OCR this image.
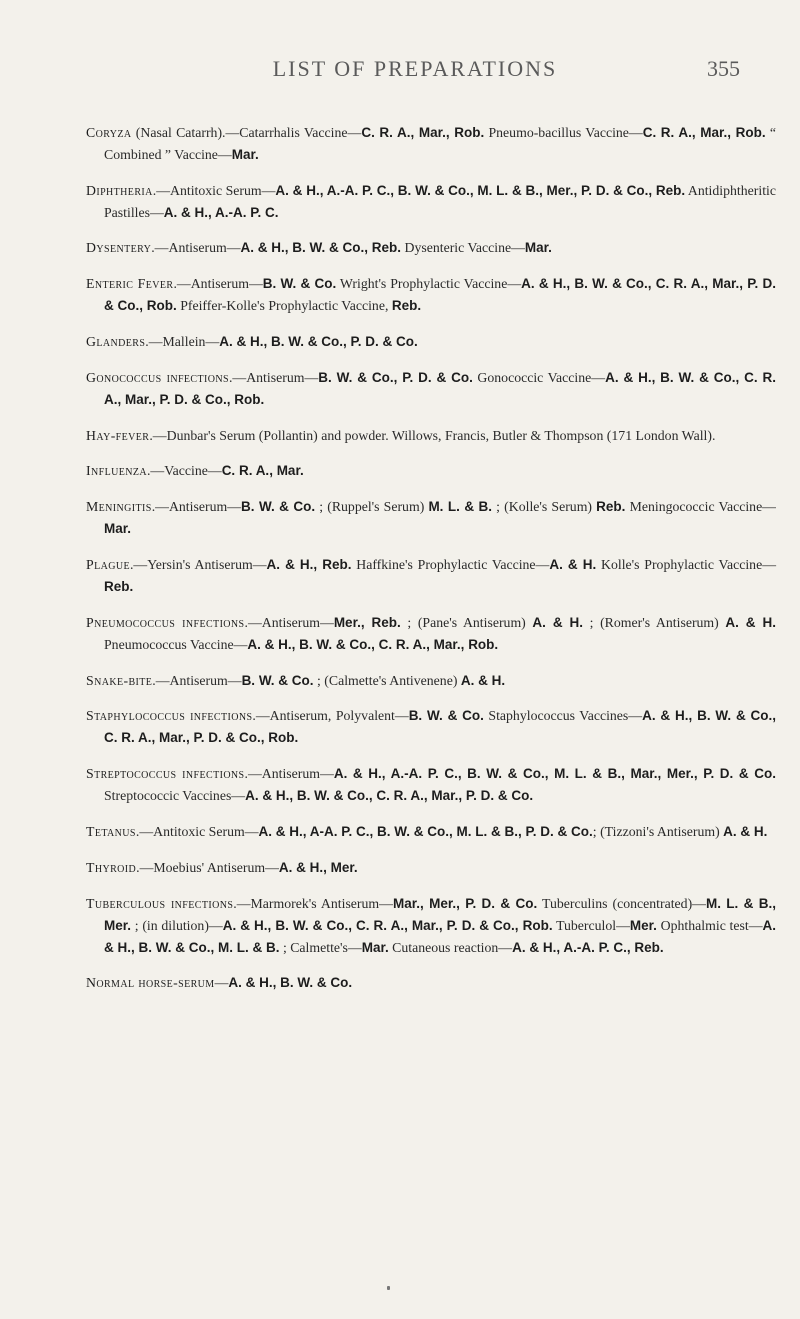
LIST OF PREPARATIONS	355

Coryza (Nasal Catarrh).—Catarrhalis Vaccine—C. R. A., Mar., Rob. Pneumo-bacillus Vaccine—C. R. A., Mar., Rob. “ Combined ” Vaccine—Mar.

Diphtheria.—Antitoxic Serum—A. & H., A.-A. P. C., B. W. & Co., M. L. & B., Mer., P. D. & Co., Reb. Antidiphtheritic Pastilles—A. & H., A.-A. P. C.

Dysentery.—Antiserum—A. & H., B. W. & Co., Reb. Dysenteric Vaccine—Mar.

Enteric Fever.—Antiserum—B. W. & Co. Wright's Prophylactic Vaccine—A. & H., B. W. & Co., C. R. A., Mar., P. D. & Co., Rob. Pfeiffer-Kolle's Prophylactic Vaccine, Reb.

Glanders.—Mallein—A. & H., B. W. & Co., P. D. & Co.

Gonococcus infections.—Antiserum—B. W. & Co., P. D. & Co. Gonococcic Vaccine—A. & H., B. W. & Co., C. R. A., Mar., P. D. & Co., Rob.

Hay-fever.—Dunbar's Serum (Pollantin) and powder. Willows, Francis, Butler & Thompson (171 London Wall).

Influenza.—Vaccine—C. R. A., Mar.

Meningitis.—Antiserum—B. W. & Co. ; (Ruppel's Serum) M. L. & B. ; (Kolle's Serum) Reb. Meningococcic Vaccine—Mar.

Plague.—Yersin's Antiserum—A. & H., Reb. Haffkine's Prophylactic Vaccine—A. & H. Kolle's Prophylactic Vaccine—Reb.

Pneumococcus infections.—Antiserum—Mer., Reb. ; (Pane's Antiserum) A. & H. ; (Romer's Antiserum) A. & H. Pneumococcus Vaccine—A. & H., B. W. & Co., C. R. A., Mar., Rob.

Snake-bite.—Antiserum—B. W. & Co. ; (Calmette's Antivenene) A. & H.

Staphylococcus infections.—Antiserum, Polyvalent—B. W. & Co. Staphylococcus Vaccines—A. & H., B. W. & Co., C. R. A., Mar., P. D. & Co., Rob.

Streptococcus infections.—Antiserum—A. & H., A.-A. P. C., B. W. & Co., M. L. & B., Mar., Mer., P. D. & Co. Streptococcic Vaccines—A. & H., B. W. & Co., C. R. A., Mar., P. D. & Co.

Tetanus.—Antitoxic Serum—A. & H., A-A. P. C., B. W. & Co., M. L. & B., P. D. & Co.; (Tizzoni's Antiserum) A. & H.

Thyroid.—Moebius' Antiserum—A. & H., Mer.

Tuberculous infections.—Marmorek's Antiserum—Mar., Mer., P. D. & Co. Tuberculins (concentrated)—M. L. & B., Mer. ; (in dilution)—A. & H., B. W. & Co., C. R. A., Mar., P. D. & Co., Rob. Tuberculol—Mer. Ophthalmic test—A. & H., B. W. & Co., M. L. & B. ; Calmette's—Mar. Cutaneous reaction—A. & H., A.-A. P. C., Reb.

Normal horse-serum—A. & H., B. W. & Co.
